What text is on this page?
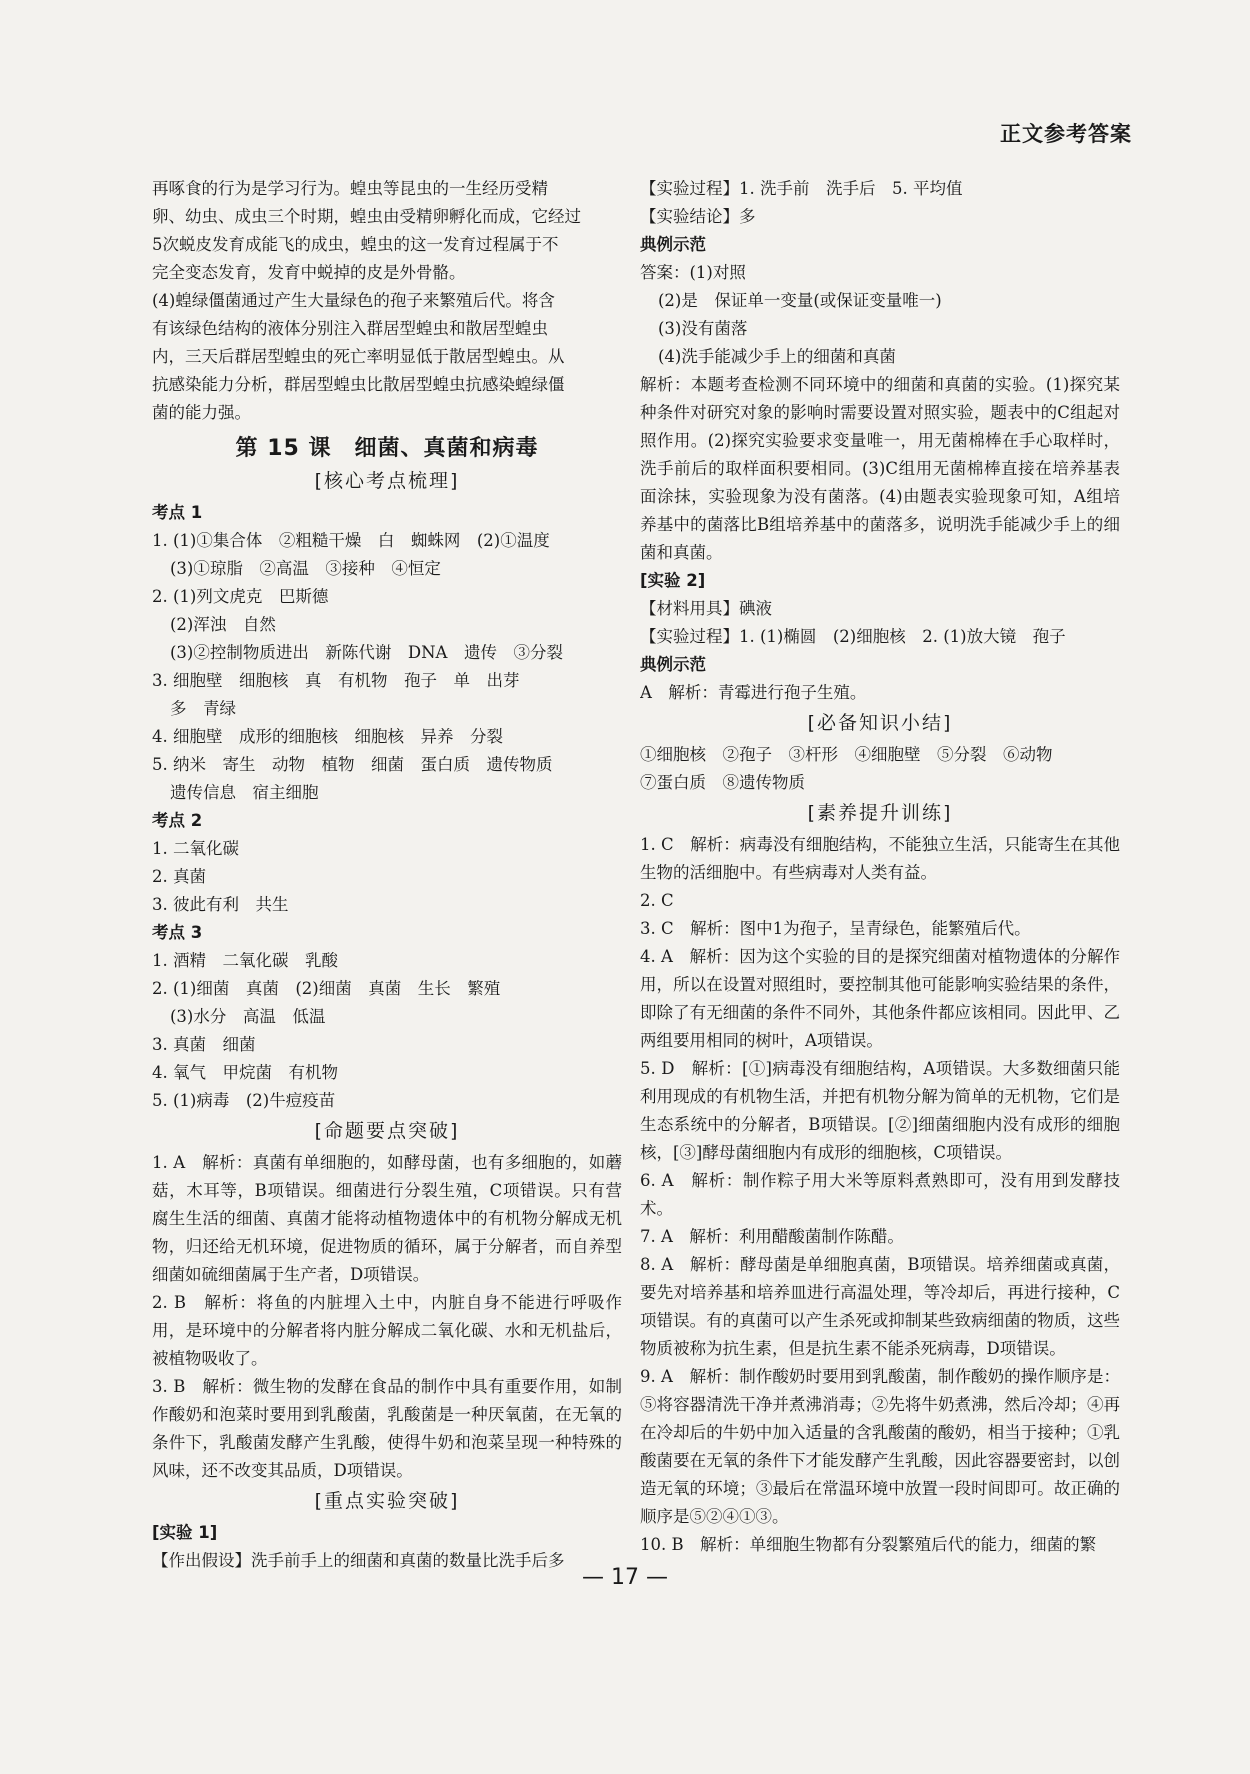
正文参考答案
再啄食的行为是学习行为。蝗虫等昆虫的一生经历受精
卵、幼虫、成虫三个时期，蝗虫由受精卵孵化而成，它经过
5次蜕皮发育成能飞的成虫，蝗虫的这一发育过程属于不
完全变态发育，发育中蜕掉的皮是外骨骼。
(4)蝗绿僵菌通过产生大量绿色的孢子来繁殖后代。将含
有该绿色结构的液体分别注入群居型蝗虫和散居型蝗虫
内，三天后群居型蝗虫的死亡率明显低于散居型蝗虫。从
抗感染能力分析，群居型蝗虫比散居型蝗虫抗感染蝗绿僵
菌的能力强。
第 15 课　细菌、真菌和病毒
[核心考点梳理]
考点 1
1. (1)①集合体　②粗糙干燥　白　蜘蛛网　(2)①温度
(3)①琼脂　②高温　③接种　④恒定
2. (1)列文虎克　巴斯德
(2)浑浊　自然
(3)②控制物质进出　新陈代谢　DNA　遗传　③分裂
3. 细胞壁　细胞核　真　有机物　孢子　单　出芽
多　青绿
4. 细胞壁　成形的细胞核　细胞核　异养　分裂
5. 纳米　寄生　动物　植物　细菌　蛋白质　遗传物质
遗传信息　宿主细胞
考点 2
1. 二氧化碳
2. 真菌
3. 彼此有利　共生
考点 3
1. 酒精　二氧化碳　乳酸
2. (1)细菌　真菌　(2)细菌　真菌　生长　繁殖
(3)水分　高温　低温
3. 真菌　细菌
4. 氧气　甲烷菌　有机物
5. (1)病毒　(2)牛痘疫苗
[命题要点突破]
1. A　解析：真菌有单细胞的，如酵母菌，也有多细胞的，如蘑菇，木耳等，B项错误。细菌进行分裂生殖，C项错误。只有营腐生生活的细菌、真菌才能将动植物遗体中的有机物分解成无机物，归还给无机环境，促进物质的循环，属于分解者，而自养型细菌如硫细菌属于生产者，D项错误。
2. B　解析：将鱼的内脏埋入土中，内脏自身不能进行呼吸作用，是环境中的分解者将内脏分解成二氧化碳、水和无机盐后，被植物吸收了。
3. B　解析：微生物的发酵在食品的制作中具有重要作用，如制作酸奶和泡菜时要用到乳酸菌，乳酸菌是一种厌氧菌，在无氧的条件下，乳酸菌发酵产生乳酸，使得牛奶和泡菜呈现一种特殊的风味，还不改变其品质，D项错误。
[重点实验突破]
[实验 1]
【作出假设】洗手前手上的细菌和真菌的数量比洗手后多
【实验过程】1. 洗手前　洗手后　5. 平均值
【实验结论】多
典例示范
答案：(1)对照
(2)是　保证单一变量(或保证变量唯一)
(3)没有菌落
(4)洗手能减少手上的细菌和真菌
解析：本题考查检测不同环境中的细菌和真菌的实验。(1)探究某种条件对研究对象的影响时需要设置对照实验，题表中的C组起对照作用。(2)探究实验要求变量唯一，用无菌棉棒在手心取样时，洗手前后的取样面积要相同。(3)C组用无菌棉棒直接在培养基表面涂抹，实验现象为没有菌落。(4)由题表实验现象可知，A组培养基中的菌落比B组培养基中的菌落多，说明洗手能减少手上的细菌和真菌。
[实验 2]
【材料用具】碘液
【实验过程】1. (1)椭圆　(2)细胞核　2. (1)放大镜　孢子
典例示范
A　解析：青霉进行孢子生殖。
[必备知识小结]
①细胞核　②孢子　③杆形　④细胞壁　⑤分裂　⑥动物
⑦蛋白质　⑧遗传物质
[素养提升训练]
1. C　解析：病毒没有细胞结构，不能独立生活，只能寄生在其他生物的活细胞中。有些病毒对人类有益。
2. C
3. C　解析：图中1为孢子，呈青绿色，能繁殖后代。
4. A　解析：因为这个实验的目的是探究细菌对植物遗体的分解作用，所以在设置对照组时，要控制其他可能影响实验结果的条件，即除了有无细菌的条件不同外，其他条件都应该相同。因此甲、乙两组要用相同的树叶，A项错误。
5. D　解析：[①]病毒没有细胞结构，A项错误。大多数细菌只能利用现成的有机物生活，并把有机物分解为简单的无机物，它们是生态系统中的分解者，B项错误。[②]细菌细胞内没有成形的细胞核，[③]酵母菌细胞内有成形的细胞核，C项错误。
6. A　解析：制作粽子用大米等原料煮熟即可，没有用到发酵技术。
7. A　解析：利用醋酸菌制作陈醋。
8. A　解析：酵母菌是单细胞真菌，B项错误。培养细菌或真菌，要先对培养基和培养皿进行高温处理，等冷却后，再进行接种，C项错误。有的真菌可以产生杀死或抑制某些致病细菌的物质，这些物质被称为抗生素，但是抗生素不能杀死病毒，D项错误。
9. A　解析：制作酸奶时要用到乳酸菌，制作酸奶的操作顺序是：⑤将容器清洗干净并煮沸消毒；②先将牛奶煮沸，然后冷却；④再在冷却后的牛奶中加入适量的含乳酸菌的酸奶，相当于接种；①乳酸菌要在无氧的条件下才能发酵产生乳酸，因此容器要密封，以创造无氧的环境；③最后在常温环境中放置一段时间即可。故正确的顺序是⑤②④①③。
10. B　解析：单细胞生物都有分裂繁殖后代的能力，细菌的繁
— 17 —
